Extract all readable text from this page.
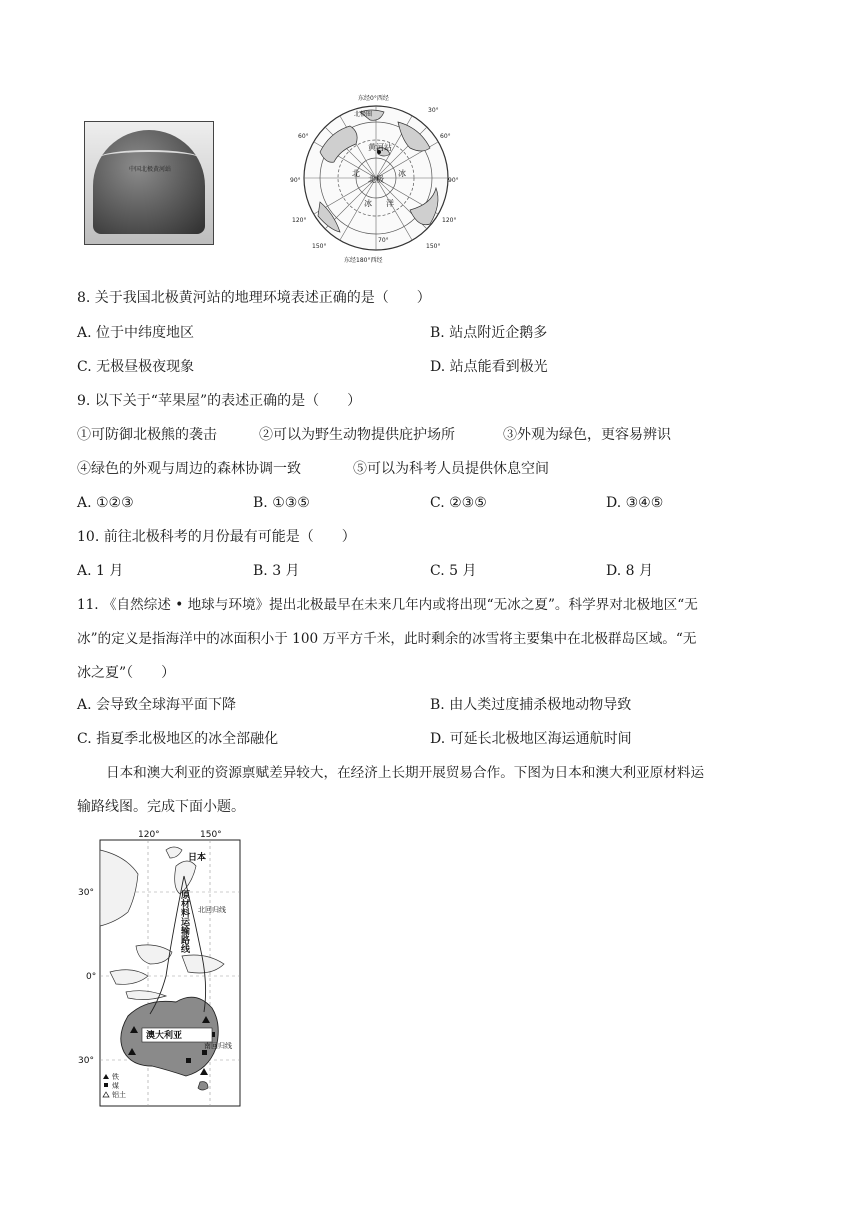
中国北极黄河站
东经0°西经
北极圈
30°
60°
60°
90°	90°
120°	120°
150°	150°
70°
东经180°西经
黄河站
北极
北	冰
冰 洋
8. 关于我国北极黄河站的地理环境表述正确的是（　　）
A. 位于中纬度地区	B. 站点附近企鹅多
C. 无极昼极夜现象	D. 站点能看到极光
9. 以下关于“苹果屋”的表述正确的是（　　）
①可防御北极熊的袭击	②可以为野生动物提供庇护场所	③外观为绿色，更容易辨识
④绿色的外观与周边的森林协调一致	⑤可以为科考人员提供休息空间
A. ①②③	B. ①③⑤	C. ②③⑤	D. ③④⑤
10. 前往北极科考的月份最有可能是（　　）
A. 1 月	B. 3 月	C. 5 月	D. 8 月
11. 《自然综述 • 地球与环境》提出北极最早在未来几年内或将出现“无冰之夏”。科学界对北极地区“无
冰”的定义是指海洋中的冰面积小于 100 万平方千米，此时剩余的冰雪将主要集中在北极群岛区域。“无
冰之夏”（　　）
A. 会导致全球海平面下降	B. 由人类过度捕杀极地动物导致
C. 指夏季北极地区的冰全部融化	D. 可延长北极地区海运通航时间
日本和澳大利亚的资源禀赋差异较大，在经济上长期开展贸易合作。下图为日本和澳大利亚原材料运
输路线图。完成下面小题。
120°	150°
30°
0°
30°
日本
北回归线
原材料运输路线
澳大利亚
南回归线
铁
煤
铝土
